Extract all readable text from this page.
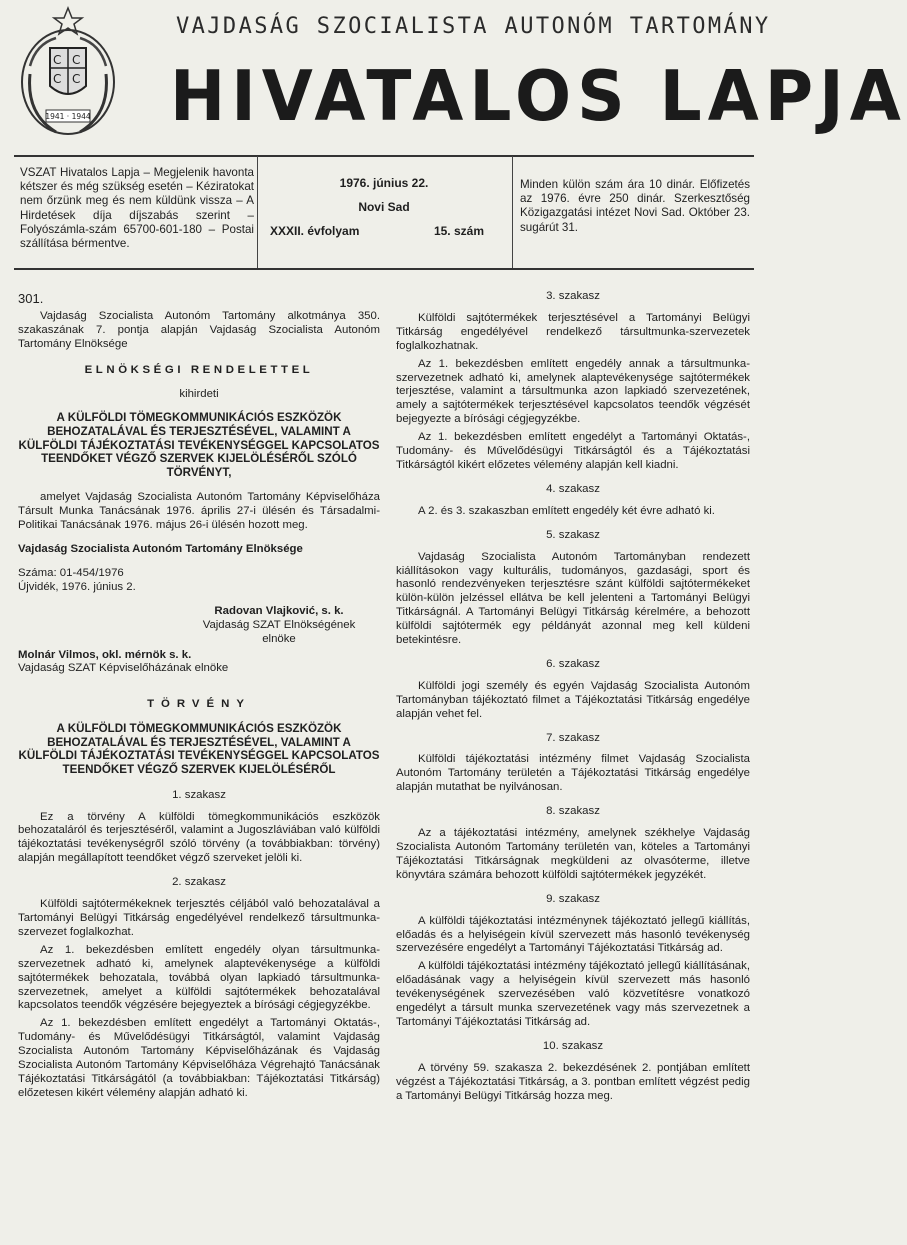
С С
С С
1941 · 1944
VAJDASÁG SZOCIALISTA AUTONÓM TARTOMÁNY
HIVATALOS LAPJA
VSZAT Hivatalos Lapja – Megjelenik havonta kétszer és még szükség esetén – Kéziratokat nem őrzünk meg és nem küldünk vissza – A Hirdetések díja díjszabás szerint – Folyószámla-szám 65700-601-180 – Postai szállítása bérmentve.
1976. június 22.
Novi Sad
XXXII. évfolyam	15. szám
Minden külön szám ára 10 dinár. Előfizetés az 1976. évre 250 dinár. Szerkesztőség Közigazgatási intézet Novi Sad. Október 23. sugárút 31.

301.

Vajdaság Szocialista Autonóm Tartomány alkotmánya 350. szakaszának 7. pontja alapján Vajdaság Szocialista Autonóm Tartomány Elnöksége

ELNÖKSÉGI RENDELETTEL

kihirdeti

A KÜLFÖLDI TÖMEGKOMMUNIKÁCIÓS ESZKÖZÖK BEHOZATALÁVAL ÉS TERJESZTÉSÉVEL, VALAMINT A KÜLFÖLDI TÁJÉKOZTATÁSI TEVÉKENYSÉGGEL KAPCSOLATOS TEENDŐKET VÉGZŐ SZERVEK KIJELÖLÉSÉRŐL SZÓLÓ TÖRVÉNYT,

amelyet Vajdaság Szocialista Autonóm Tartomány Képviselőháza Társult Munka Tanácsának 1976. április 27-i ülésén és Társadalmi-Politikai Tanácsának 1976. május 26-i ülésén hozott meg.

Vajdaság Szocialista Autonóm Tartomány Elnöksége

Száma: 01-454/1976

Újvidék, 1976. június 2.

Radovan Vlajković, s. k.
Vajdaság SZAT Elnökségének elnöke
Molnár Vilmos, okl. mérnök s. k.
Vajdaság SZAT Képviselőházának elnöke

TÖRVÉNY

A KÜLFÖLDI TÖMEGKOMMUNIKÁCIÓS ESZKÖZÖK BEHOZATALÁVAL ÉS TERJESZTÉSÉVEL, VALAMINT A KÜLFÖLDI TÁJÉKOZTATÁSI TEVÉKENYSÉGGEL KAPCSOLATOS TEENDŐKET VÉGZŐ SZERVEK KIJELÖLÉSÉRŐL

1. szakasz

Ez a törvény A külföldi tömegkommunikációs eszközök behozataláról és terjesztéséről, valamint a Jugoszláviában való külföldi tájékoztatási tevékenységről szóló törvény (a továbbiakban: törvény) alapján megállapított teendőket végző szerveket jelöli ki.

2. szakasz

Külföldi sajtótermékeknek terjesztés céljából való behozatalával a Tartományi Belügyi Titkárság engedélyével rendelkező társultmunka-szervezet foglalkozhat.

Az 1. bekezdésben említett engedély olyan társultmunka-szervezetnek adható ki, amelynek alaptevékenysége a külföldi sajtótermékek behozatala, továbbá olyan lapkiadó társultmunka-szervezetnek, amelyet a külföldi sajtótermékek behozatalával kapcsolatos teendők végzésére bejegyeztek a bírósági cégjegyzékbe.

Az 1. bekezdésben említett engedélyt a Tartományi Oktatás-, Tudomány- és Művelődésügyi Titkárságtól, valamint Vajdaság Szocialista Autonóm Tartomány Képviselőházának és Vajdaság Szocialista Autonóm Tartomány Képviselőháza Végrehajtó Tanácsának Tájékoztatási Titkárságától (a továbbiakban: Tájékoztatási Titkárság) előzetesen kikért vélemény alapján adható ki.

3. szakasz

Külföldi sajtótermékek terjesztésével a Tartományi Belügyi Titkárság engedélyével rendelkező társultmunka-szervezetek foglalkozhatnak.

Az 1. bekezdésben említett engedély annak a társultmunka-szervezetnek adható ki, amelynek alaptevékenysége sajtótermékek terjesztése, valamint a társultmunka azon lapkiadó szervezetének, amely a sajtótermékek terjesztésével kapcsolatos teendők végzését bejegyezte a bírósági cégjegyzékbe.

Az 1. bekezdésben említett engedélyt a Tartományi Oktatás-, Tudomány- és Művelődésügyi Titkárságtól és a Tájékoztatási Titkárságtól kikért előzetes vélemény alapján kell kiadni.

4. szakasz

A 2. és 3. szakaszban említett engedély két évre adható ki.

5. szakasz

Vajdaság Szocialista Autonóm Tartományban rendezett kiállításokon vagy kulturális, tudományos, gazdasági, sport és hasonló rendezvényeken terjesztésre szánt külföldi sajtótermékeket külön-külön jelzéssel ellátva be kell jelenteni a Tartományi Belügyi Titkárságnál. A Tartományi Belügyi Titkárság kérelmére, a behozott külföldi sajtótermék egy példányát azonnal meg kell küldeni betekintésre.

6. szakasz

Külföldi jogi személy és egyén Vajdaság Szocialista Autonóm Tartományban tájékoztató filmet a Tájékoztatási Titkárság engedélye alapján vehet fel.

7. szakasz

Külföldi tájékoztatási intézmény filmet Vajdaság Szocialista Autonóm Tartomány területén a Tájékoztatási Titkárság engedélye alapján mutathat be nyilvánosan.

8. szakasz

Az a tájékoztatási intézmény, amelynek székhelye Vajdaság Szocialista Autonóm Tartomány területén van, köteles a Tartományi Tájékoztatási Titkárságnak megküldeni az olvasóterme, illetve könyvtára számára behozott külföldi sajtótermékek jegyzékét.

9. szakasz

A külföldi tájékoztatási intézménynek tájékoztató jellegű kiállítás, előadás és a helyiségein kívül szervezett más hasonló tevékenység szervezésére engedélyt a Tartományi Tájékoztatási Titkárság ad.

A külföldi tájékoztatási intézmény tájékoztató jellegű kiállításának, előadásának vagy a helyiségein kívül szervezett más hasonló tevékenységének szervezésében való közvetítésre vonatkozó engedélyt a társult munka szervezetének vagy más szervezetnek a Tartományi Tájékoztatási Titkárság ad.

10. szakasz

A törvény 59. szakasza 2. bekezdésének 2. pontjában említett végzést a Tájékoztatási Titkárság, a 3. pontban említett végzést pedig a Tartományi Belügyi Titkárság hozza meg.
